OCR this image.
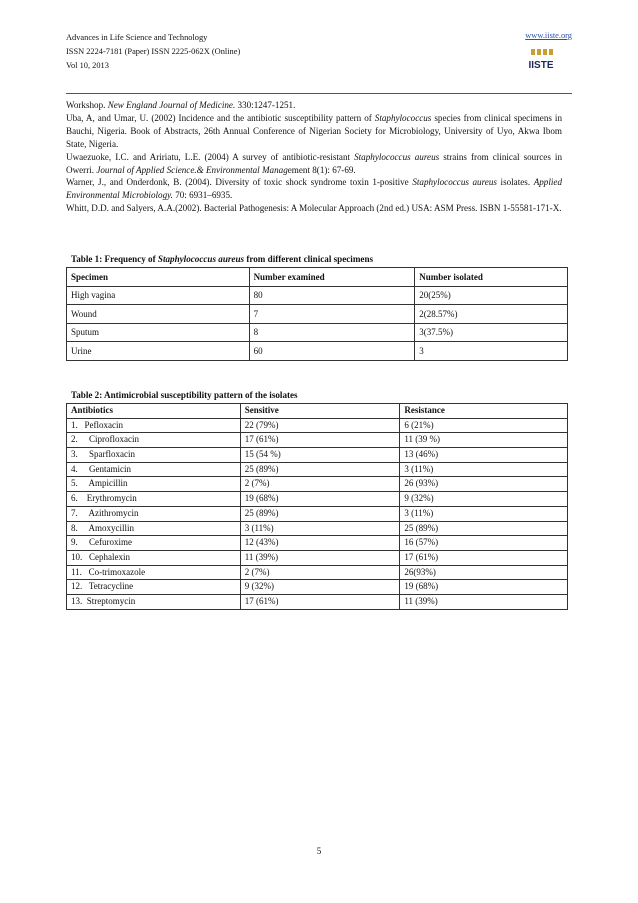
Advances in Life Science and Technology
ISSN 2224-7181 (Paper) ISSN 2225-062X (Online)
Vol 10, 2013
www.iiste.org
IISTE

Workshop. New England Journal of Medicine. 330:1247-1251.

Uba, A, and Umar, U. (2002) Incidence and the antibiotic susceptibility pattern of Staphylococcus species from clinical specimens in Bauchi, Nigeria. Book of Abstracts, 26th Annual Conference of Nigerian Society for Microbiology, University of Uyo, Akwa Ibom State, Nigeria.

Uwaezuoke, I.C. and Aririatu, L.E. (2004) A survey of antibiotic-resistant Staphylococcus aureus strains from clinical sources in Owerri. Journal of Applied Science.& Environmental Management 8(1): 67-69.

Warner, J., and Onderdonk, B. (2004). Diversity of toxic shock syndrome toxin 1-positive Staphylococcus aureus isolates. Applied Environmental Microbiology. 70: 6931–6935.

Whitt, D.D. and Salyers, A.A.(2002). Bacterial Pathogenesis: A Molecular Approach (2nd ed.) USA: ASM Press. ISBN 1-55581-171-X.

Table 1: Frequency of Staphylococcus aureus from different clinical specimens
Specimen	Number examined	Number isolated
High vagina	80	20(25%)
Wound	7	2(28.57%)
Sputum	8	3(37.5%)
Urine	60	3
Table 2: Antimicrobial susceptibility pattern of the isolates
Antibiotics	Sensitive	Resistance
1.   Pefloxacin	22 (79%)	6 (21%)
2.     Ciprofloxacin	17 (61%)	11 (39 %)
3.     Sparfloxacin	15 (54 %)	13 (46%)
4.     Gentamicin	25 (89%)	3 (11%)
5.     Ampicillin	2 (7%)	26 (93%)
6.    Erythromycin	19 (68%)	9 (32%)
7.     Azithromycin	25 (89%)	3 (11%)
8.     Amoxycillin	3 (11%)	25 (89%)
9.     Cefuroxime	12 (43%)	16 (57%)
10.   Cephalexin	11 (39%)	17 (61%)
11.   Co-trimoxazole	2 (7%)	26(93%)
12.   Tetracycline	9 (32%)	19 (68%)
13.  Streptomycin	17 (61%)	11 (39%)
5
